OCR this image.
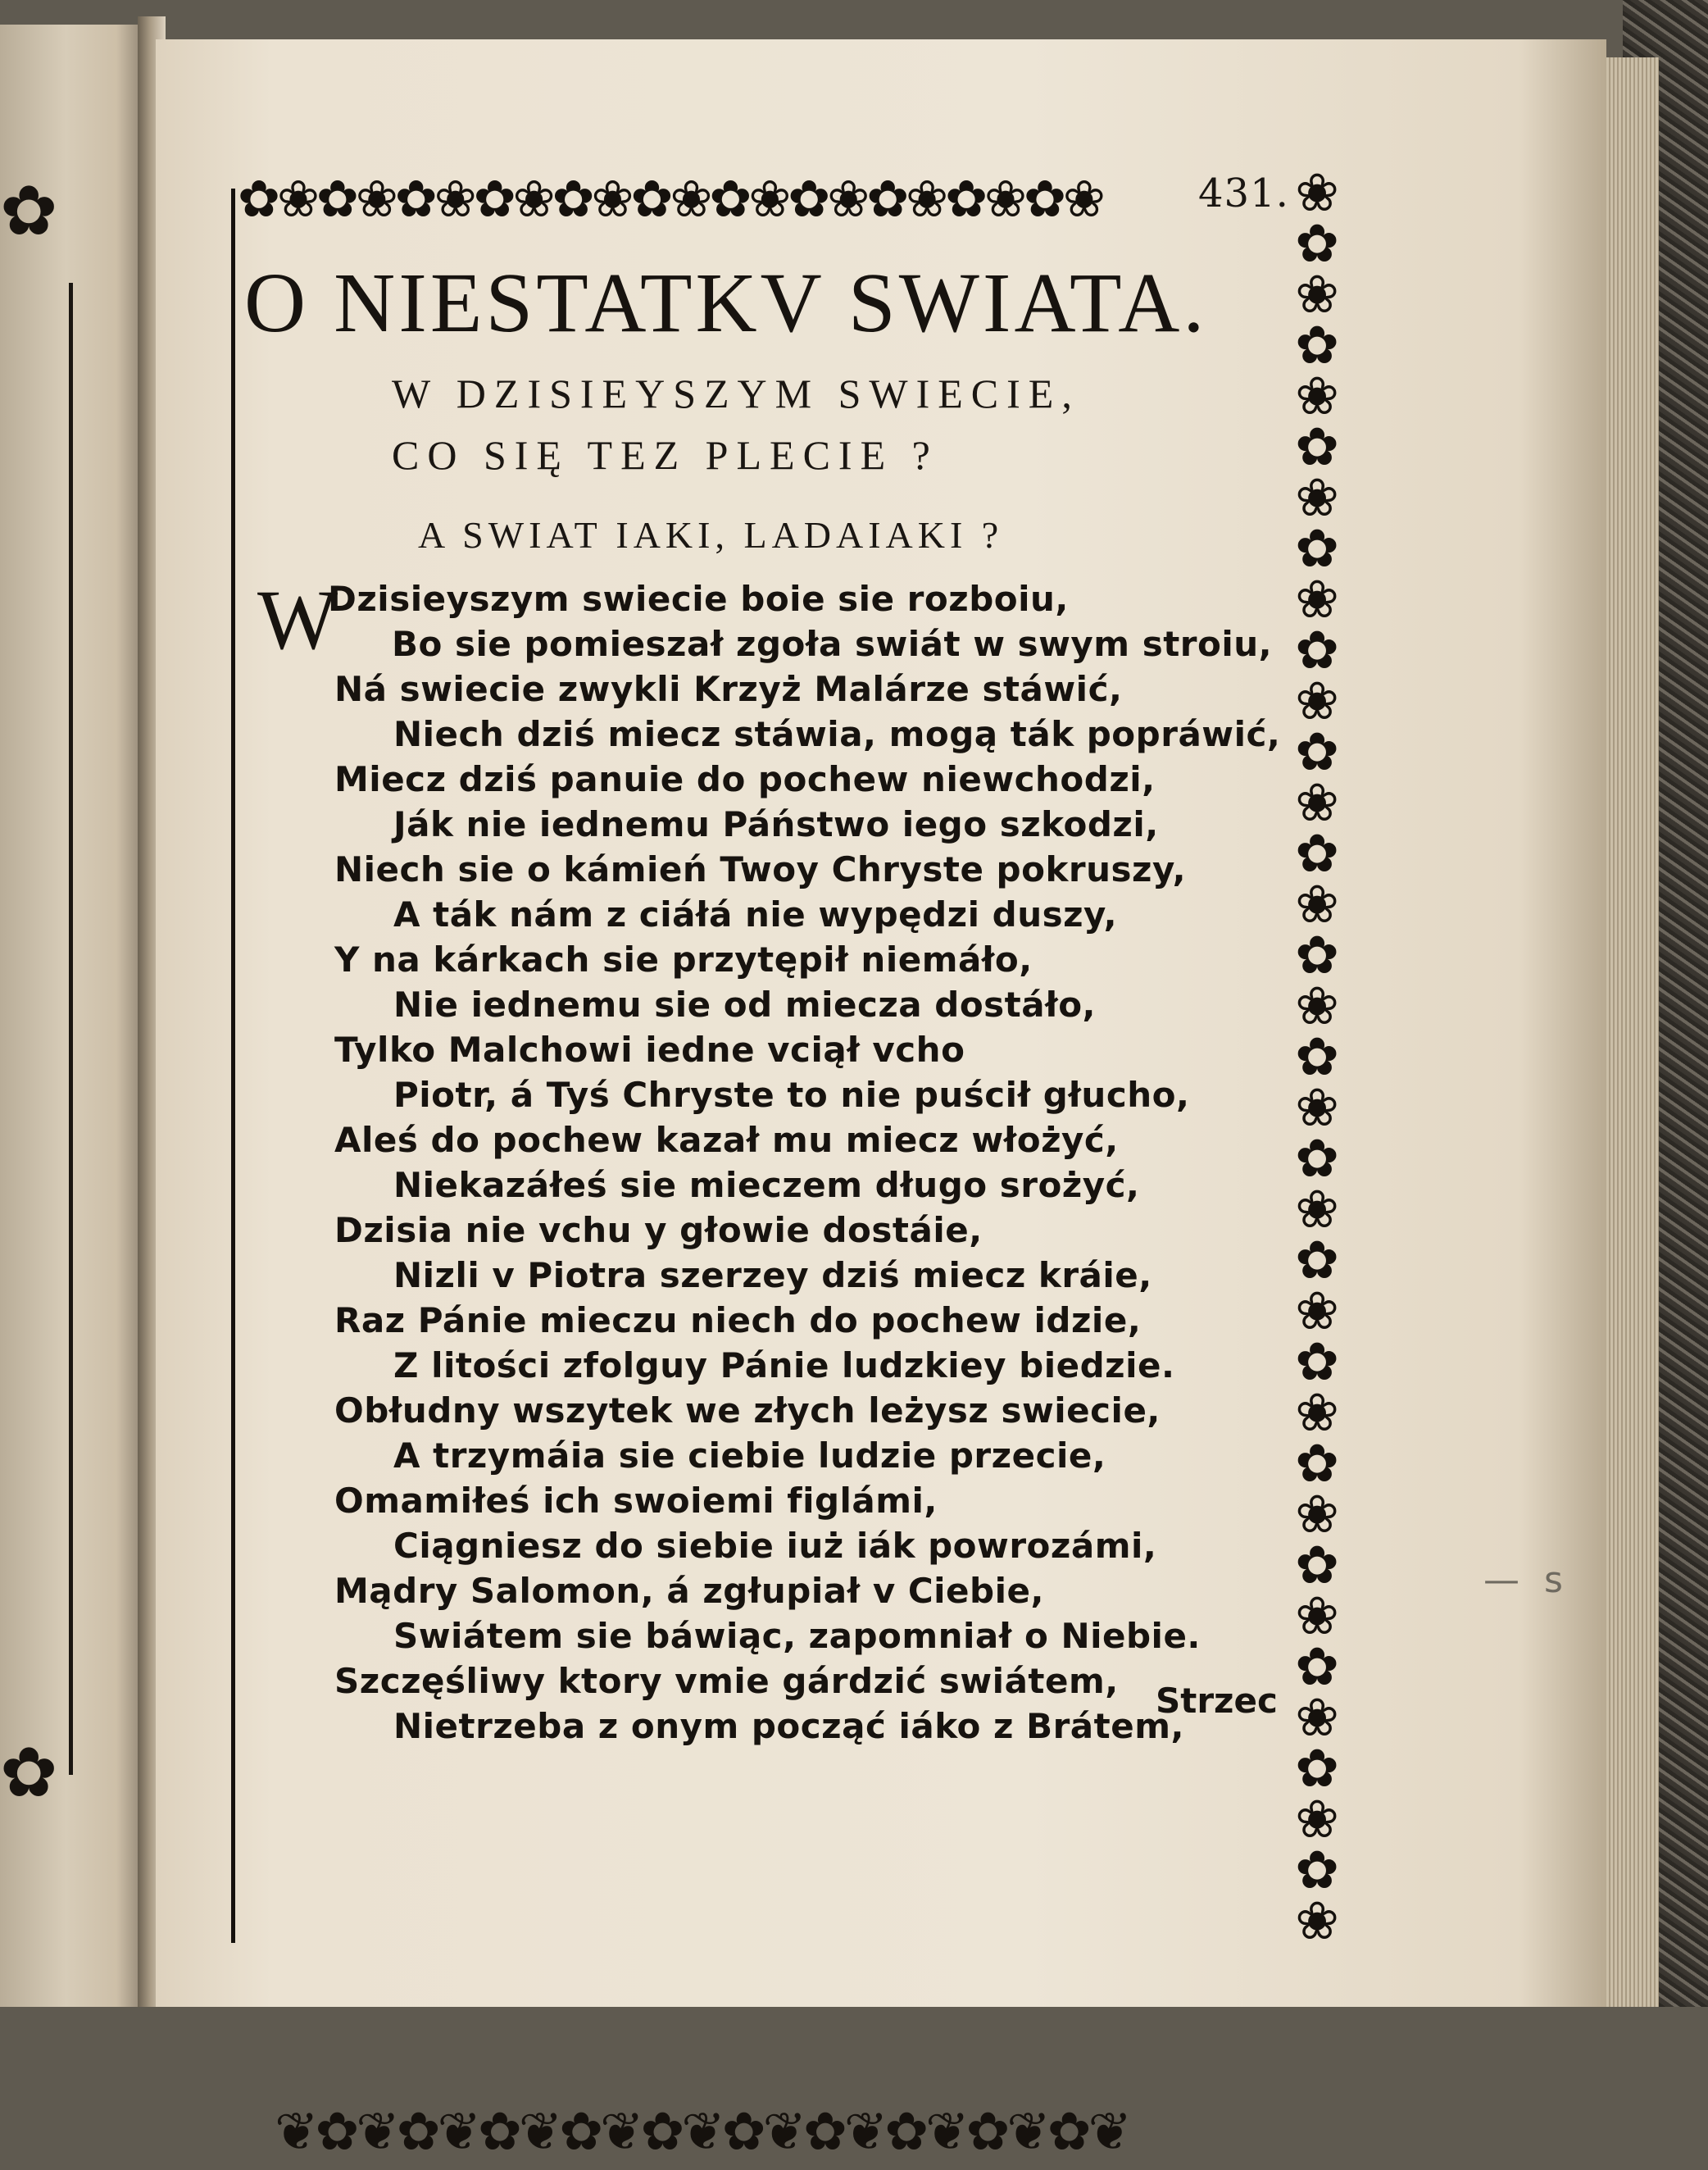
✿
✿
✿❀✿❀✿❀✿❀✿❀✿❀✿❀✿❀✿❀✿❀✿❀	❀✿❀✿❀✿❀✿❀✿❀✿❀✿❀✿❀✿❀✿❀✿❀✿❀✿❀✿❀✿❀✿❀✿❀
❦✿❦✿❦✿❦✿❦✿❦✿❦✿❦✿❦✿❦✿❦
431.
O NIESTATKV SWIATA.
W DZISIEYSZYM SWIECIE,
CO SIĘ TEZ PLECIE ?
A SWIAT IAKI, LADAIAKI ?
W
Dzisieyszym swiecie boie sie rozboiu,
Bo sie pomieszał zgoła swiát w swym stroiu,
Ná swiecie zwykli Krzyż Malárze stáwić,
Niech dziś miecz stáwia, mogą ták popráwić,
Miecz dziś panuie do pochew niewchodzi,
Ják nie iednemu Páństwo iego szkodzi,
Niech sie o kámień Twoy Chryste pokruszy,
A ták nám z ciáłá nie wypędzi duszy,
Y na kárkach sie przytępił niemáło,
Nie iednemu sie od miecza dostáło,
Tylko Malchowi iedne vciął vcho
Piotr, á Tyś Chryste to nie puścił głucho,
Aleś do pochew kazał mu miecz włożyć,
Niekazáłeś sie mieczem długo srożyć,
Dzisia nie vchu y głowie dostáie,
Nizli v Piotra szerzey dziś miecz kráie,
Raz Pánie mieczu niech do pochew idzie,
Z litości zfolguy Pánie ludzkiey biedzie.
Obłudny wszytek we złych leżysz swiecie,
A trzymáia sie ciebie ludzie przecie,
Omamiłeś ich swoiemi figlámi,
Ciągniesz do siebie iuż iák powrozámi,
Mądry Salomon, á zgłupiał v Ciebie,
Swiátem sie báwiąc, zapomniał o Niebie.
Szczęśliwy ktory vmie gárdzić swiátem,
Nietrzeba z onym począć iáko z Brátem,
Strzec
— s
